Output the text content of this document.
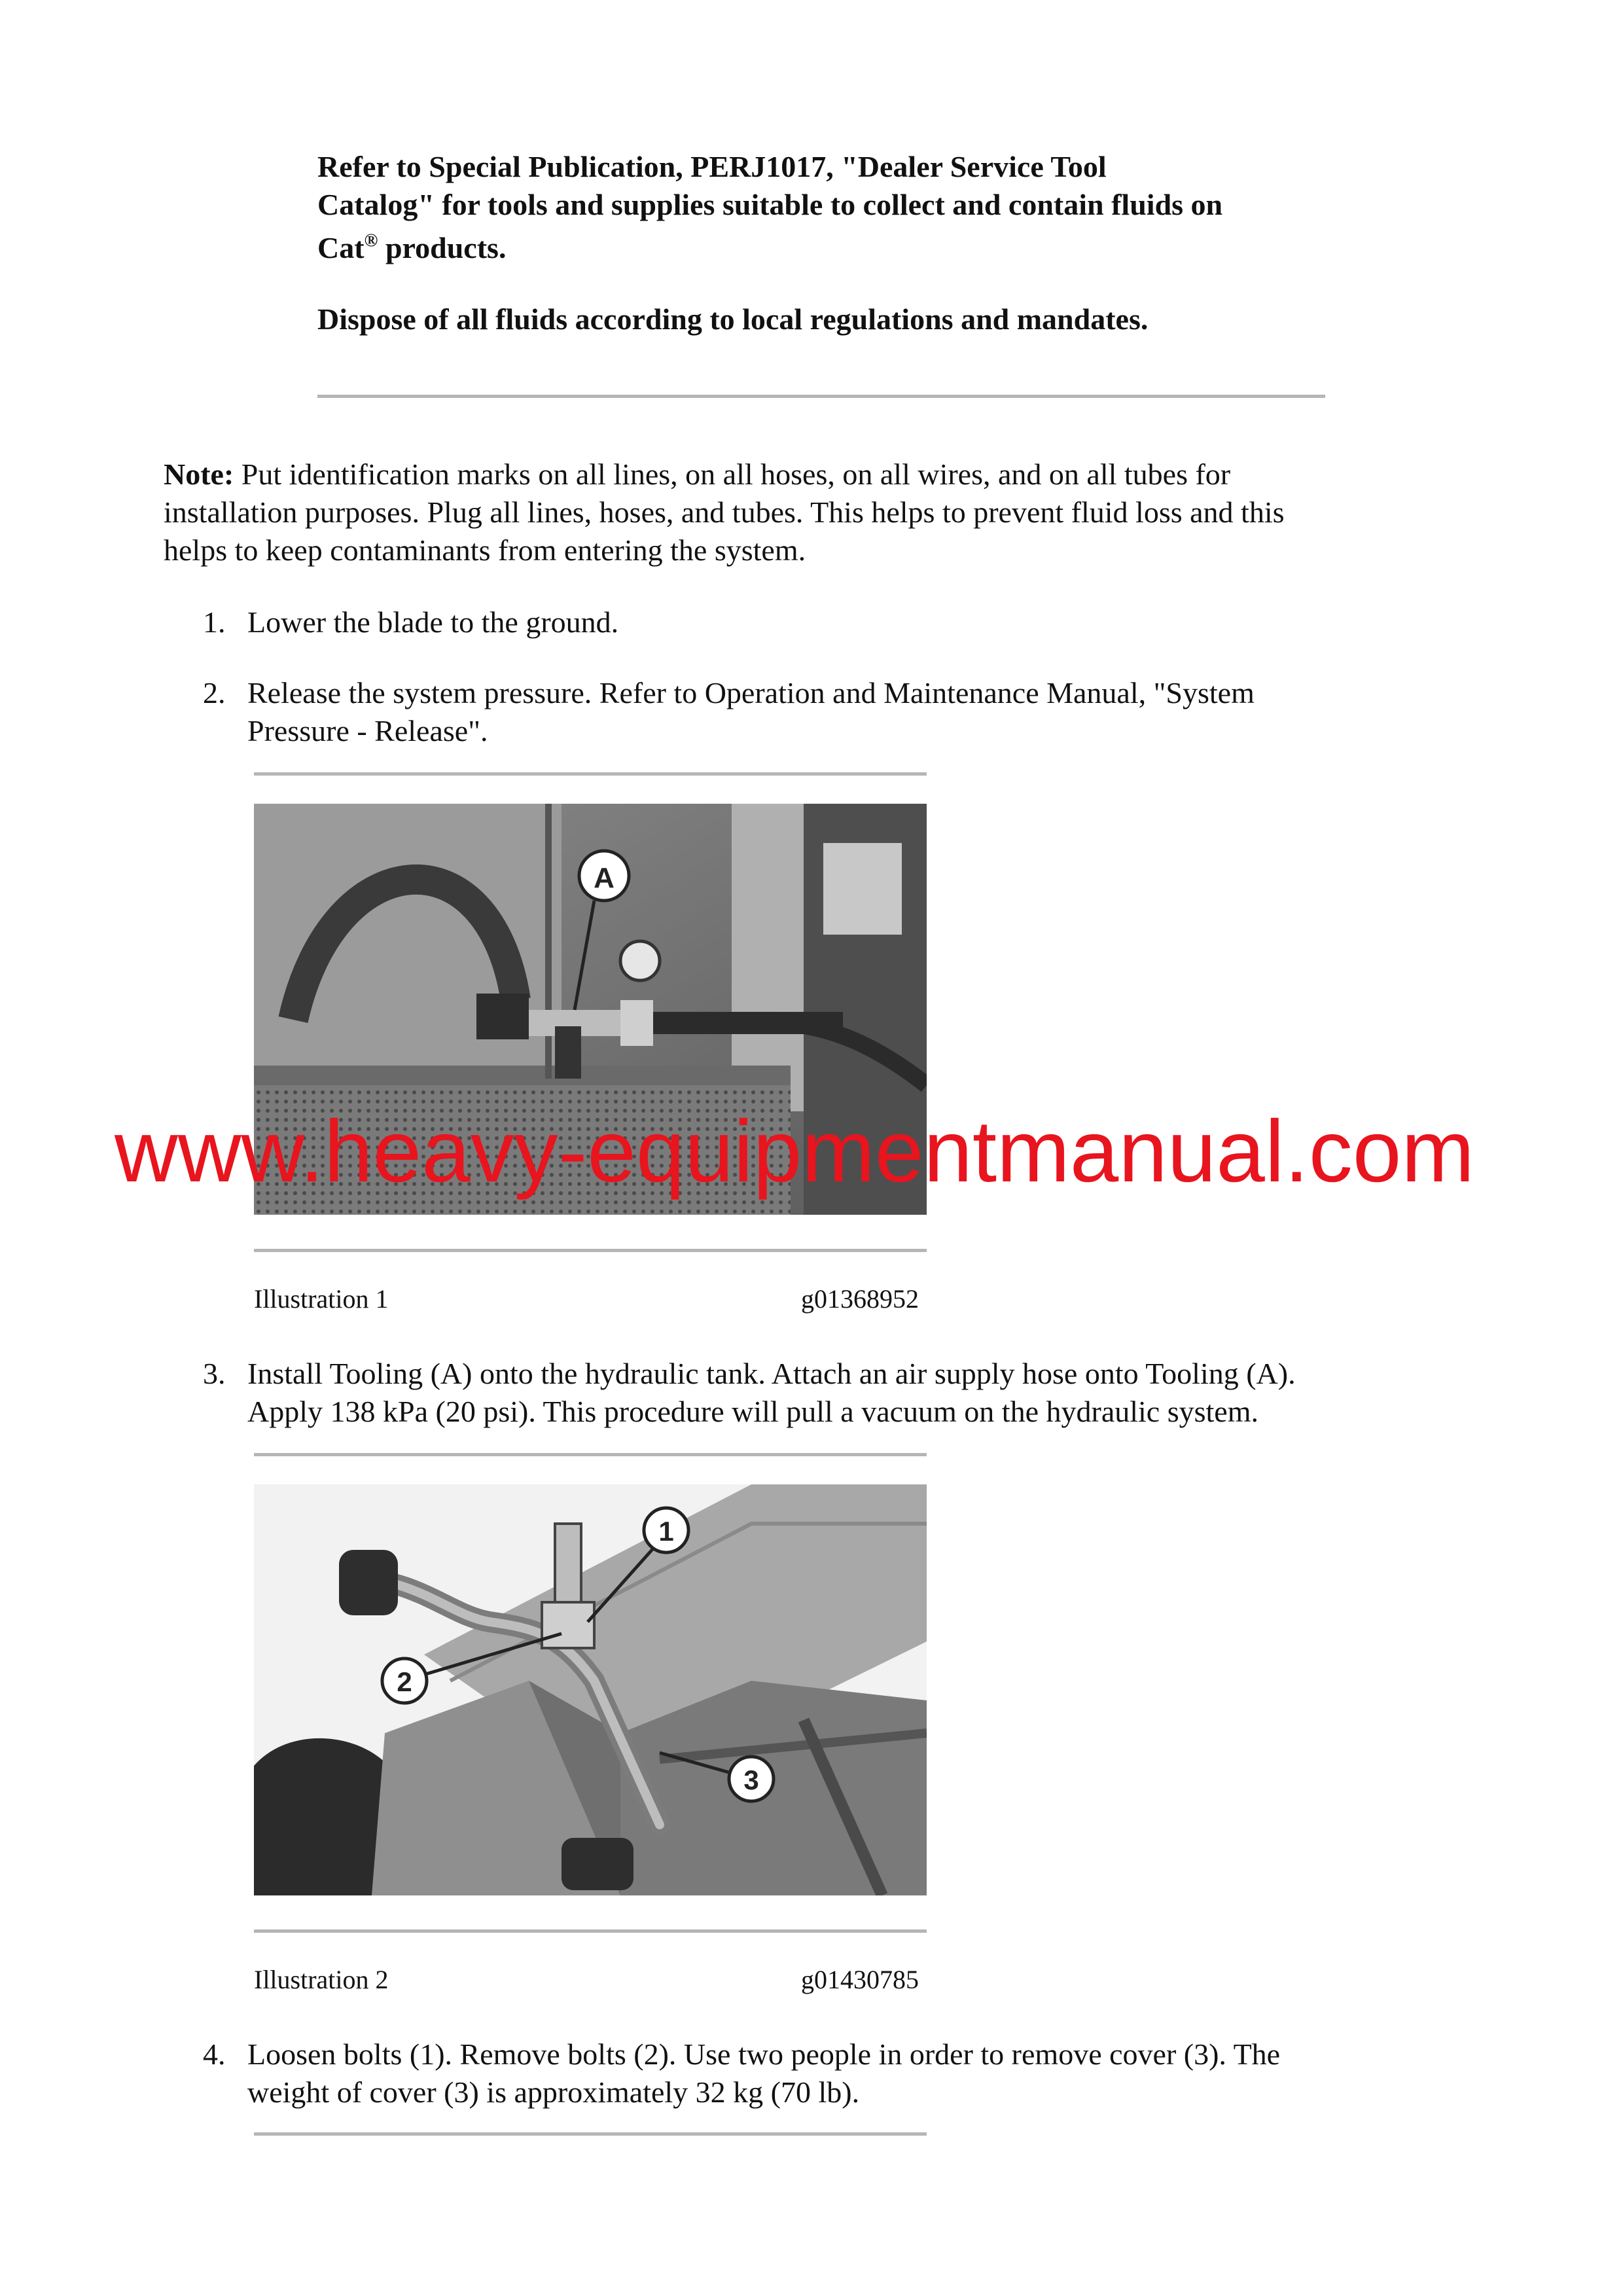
Refer to Special Publication, PERJ1017, "Dealer Service Tool
Catalog" for tools and supplies suitable to collect and contain fluids on
Cat® products.
Dispose of all fluids according to local regulations and mandates.
Note: Put identification marks on all lines, on all hoses, on all wires, and on all tubes for
installation purposes. Plug all lines, hoses, and tubes. This helps to prevent fluid loss and this
helps to keep contaminants from entering the system.
1. Lower the blade to the ground.
2. Release the system pressure. Refer to Operation and Maintenance Manual, "System
Pressure - Release".
A
Illustration 1	g01368952
www.heavy-equipmentmanual.com
3. Install Tooling (A) onto the hydraulic tank. Attach an air supply hose onto Tooling (A).
Apply 138 kPa (20 psi). This procedure will pull a vacuum on the hydraulic system.
1
2
3
Illustration 2	g01430785
4. Loosen bolts (1). Remove bolts (2). Use two people in order to remove cover (3). The
weight of cover (3) is approximately 32 kg (70 lb).
